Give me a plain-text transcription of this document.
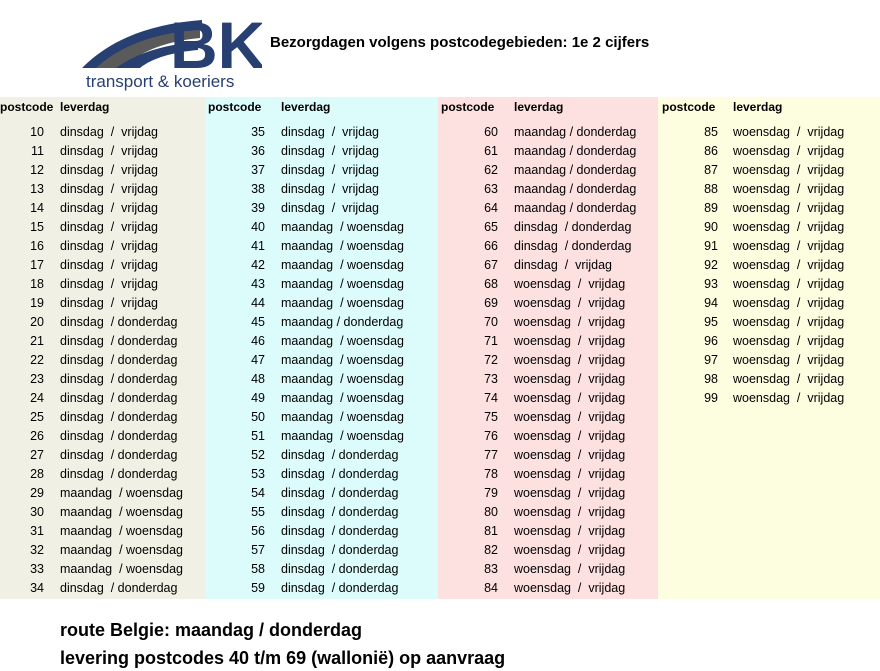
BK
transport & koeriers
Bezorgdagen volgens postcodegebieden: 1e 2 cijfers
postcode leverdag
10 dinsdag  /  vrijdag
11 dinsdag  /  vrijdag
12 dinsdag  /  vrijdag
13 dinsdag  /  vrijdag
14 dinsdag  /  vrijdag
15 dinsdag  /  vrijdag
16 dinsdag  /  vrijdag
17 dinsdag  /  vrijdag
18 dinsdag  /  vrijdag
19 dinsdag  /  vrijdag
20 dinsdag  / donderdag
21 dinsdag  / donderdag
22 dinsdag  / donderdag
23 dinsdag  / donderdag
24 dinsdag  / donderdag
25 dinsdag  / donderdag
26 dinsdag  / donderdag
27 dinsdag  / donderdag
28 dinsdag  / donderdag
29 maandag  / woensdag
30 maandag  / woensdag
31 maandag  / woensdag
32 maandag  / woensdag
33 maandag  / woensdag
34 dinsdag  / donderdag
postcode leverdag
35 dinsdag  /  vrijdag
36 dinsdag  /  vrijdag
37 dinsdag  /  vrijdag
38 dinsdag  /  vrijdag
39 dinsdag  /  vrijdag
40 maandag  / woensdag
41 maandag  / woensdag
42 maandag  / woensdag
43 maandag  / woensdag
44 maandag  / woensdag
45 maandag / donderdag
46 maandag  / woensdag
47 maandag  / woensdag
48 maandag  / woensdag
49 maandag  / woensdag
50 maandag  / woensdag
51 maandag  / woensdag
52 dinsdag  / donderdag
53 dinsdag  / donderdag
54 dinsdag  / donderdag
55 dinsdag  / donderdag
56 dinsdag  / donderdag
57 dinsdag  / donderdag
58 dinsdag  / donderdag
59 dinsdag  / donderdag
postcode leverdag
60 maandag / donderdag
61 maandag / donderdag
62 maandag / donderdag
63 maandag / donderdag
64 maandag / donderdag
65 dinsdag  / donderdag
66 dinsdag  / donderdag
67 dinsdag  /  vrijdag
68 woensdag  /  vrijdag
69 woensdag  /  vrijdag
70 woensdag  /  vrijdag
71 woensdag  /  vrijdag
72 woensdag  /  vrijdag
73 woensdag  /  vrijdag
74 woensdag  /  vrijdag
75 woensdag  /  vrijdag
76 woensdag  /  vrijdag
77 woensdag  /  vrijdag
78 woensdag  /  vrijdag
79 woensdag  /  vrijdag
80 woensdag  /  vrijdag
81 woensdag  /  vrijdag
82 woensdag  /  vrijdag
83 woensdag  /  vrijdag
84 woensdag  /  vrijdag
postcode leverdag
85 woensdag  /  vrijdag
86 woensdag  /  vrijdag
87 woensdag  /  vrijdag
88 woensdag  /  vrijdag
89 woensdag  /  vrijdag
90 woensdag  /  vrijdag
91 woensdag  /  vrijdag
92 woensdag  /  vrijdag
93 woensdag  /  vrijdag
94 woensdag  /  vrijdag
95 woensdag  /  vrijdag
96 woensdag  /  vrijdag
97 woensdag  /  vrijdag
98 woensdag  /  vrijdag
99 woensdag  /  vrijdag
route Belgie: maandag / donderdag
levering postcodes 40 t/m 69 (wallonië) op aanvraag
